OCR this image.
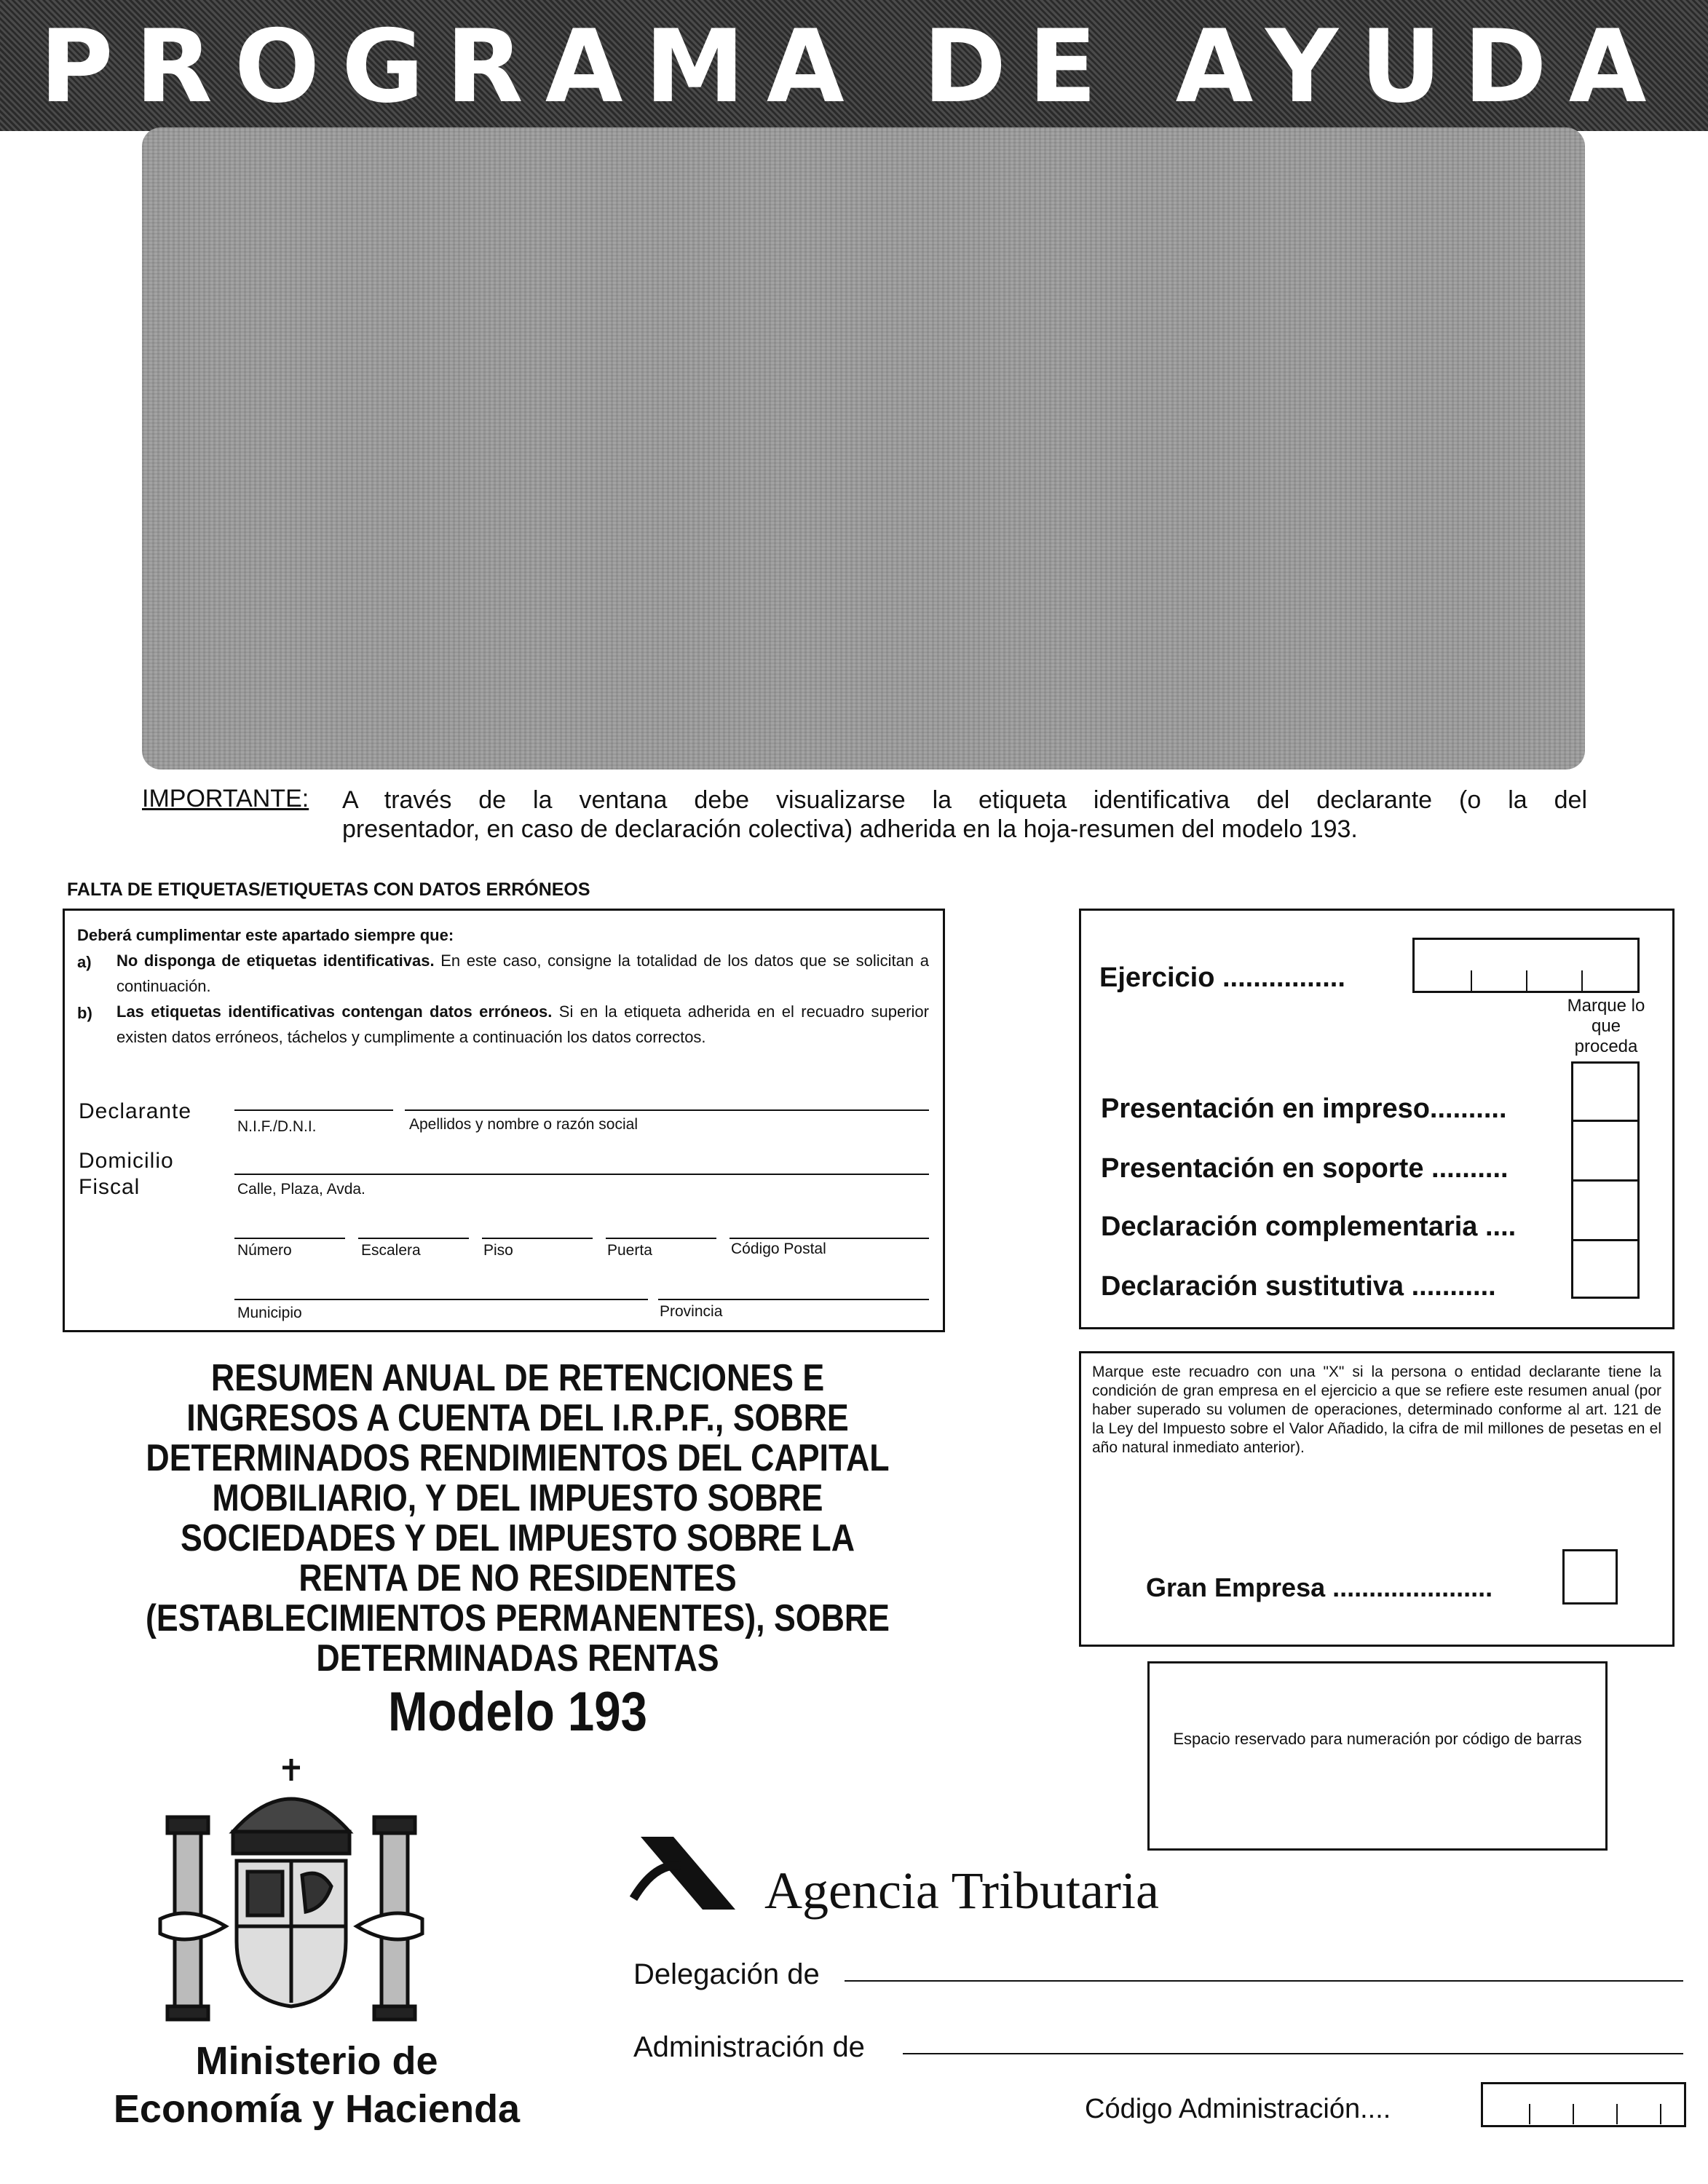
PROGRAMA DE AYUDA
IMPORTANTE: A través de la ventana debe visualizarse la etiqueta identificativa del declarante (o la del
presentador, en caso de declaración colectiva) adherida en la hoja-resumen del modelo 193.
FALTA DE ETIQUETAS/ETIQUETAS CON DATOS ERRÓNEOS
Deberá cumplimentar este apartado siempre que:
a) No disponga de etiquetas identificativas. En este caso, consigne la totalidad de los datos que se solicitan a continuación.
b) Las etiquetas identificativas contengan datos erróneos. Si en la etiqueta adherida en el recuadro superior existen datos erróneos, táchelos y cumplimente a continuación los datos correctos.
Declarante
N.I.F./D.N.I.	Apellidos y nombre o razón social
Domicilio
Fiscal	Calle, Plaza, Avda.
Número	Escalera	Piso	Puerta	Código Postal
Municipio	Provincia
Ejercicio ................
Marque lo que proceda
Presentación en impreso..........
Presentación en soporte ..........
Declaración complementaria ....
Declaración sustitutiva ...........
Marque este recuadro con una "X" si la persona o entidad declarante tiene la condición de gran empresa en el ejercicio a que se refiere este resumen anual (por haber superado su volumen de operaciones, determinado conforme al art. 121 de la Ley del Impuesto sobre el Valor Añadido, la cifra de mil millones de pesetas en el año natural inmediato anterior).
Gran Empresa ......................
RESUMEN ANUAL DE RETENCIONES E INGRESOS A CUENTA DEL I.R.P.F., SOBRE DETERMINADOS RENDIMIENTOS DEL CAPITAL MOBILIARIO, Y DEL IMPUESTO SOBRE SOCIEDADES Y DEL IMPUESTO SOBRE LA RENTA DE NO RESIDENTES (ESTABLECIMIENTOS PERMANENTES), SOBRE DETERMINADAS RENTAS
Modelo 193	Espacio reservado para numeración por código de barras
Ministerio de
Economía y Hacienda
Agencia Tributaria
Delegación de
Administración de
Código Administración....
